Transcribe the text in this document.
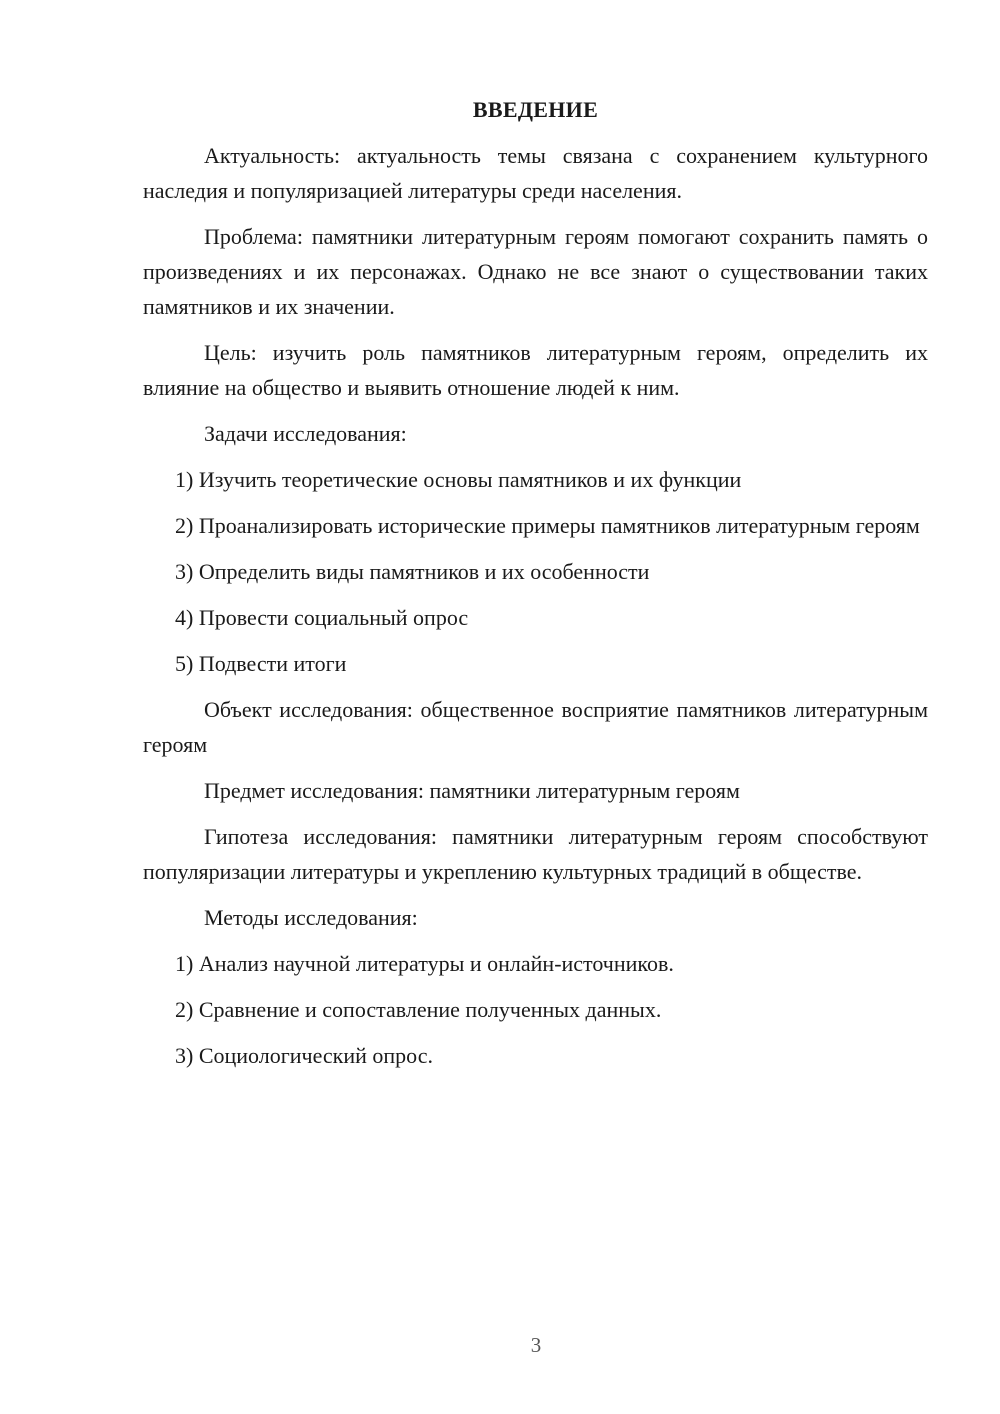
ВВЕДЕНИЕ
Актуальность: актуальность темы связана с сохранением культурного наследия и популяризацией литературы среди населения.
Проблема: памятники литературным героям помогают сохранить память о произведениях и их персонажах. Однако не все знают о существовании таких памятников и их значении.
Цель: изучить роль памятников литературным героям, определить их влияние на общество и выявить отношение людей к ним.
Задачи исследования:
1) Изучить теоретические основы памятников и их функции
2) Проанализировать исторические примеры памятников литературным героям
3) Определить виды памятников и их особенности
4) Провести социальный опрос
5) Подвести итоги
Объект исследования: общественное восприятие памятников литературным героям
Предмет исследования: памятники литературным героям
Гипотеза исследования: памятники литературным героям способствуют популяризации литературы и укреплению культурных традиций в обществе.
Методы исследования:
1) Анализ научной литературы и онлайн-источников.
2) Сравнение и сопоставление полученных данных.
3) Социологический опрос.
3
